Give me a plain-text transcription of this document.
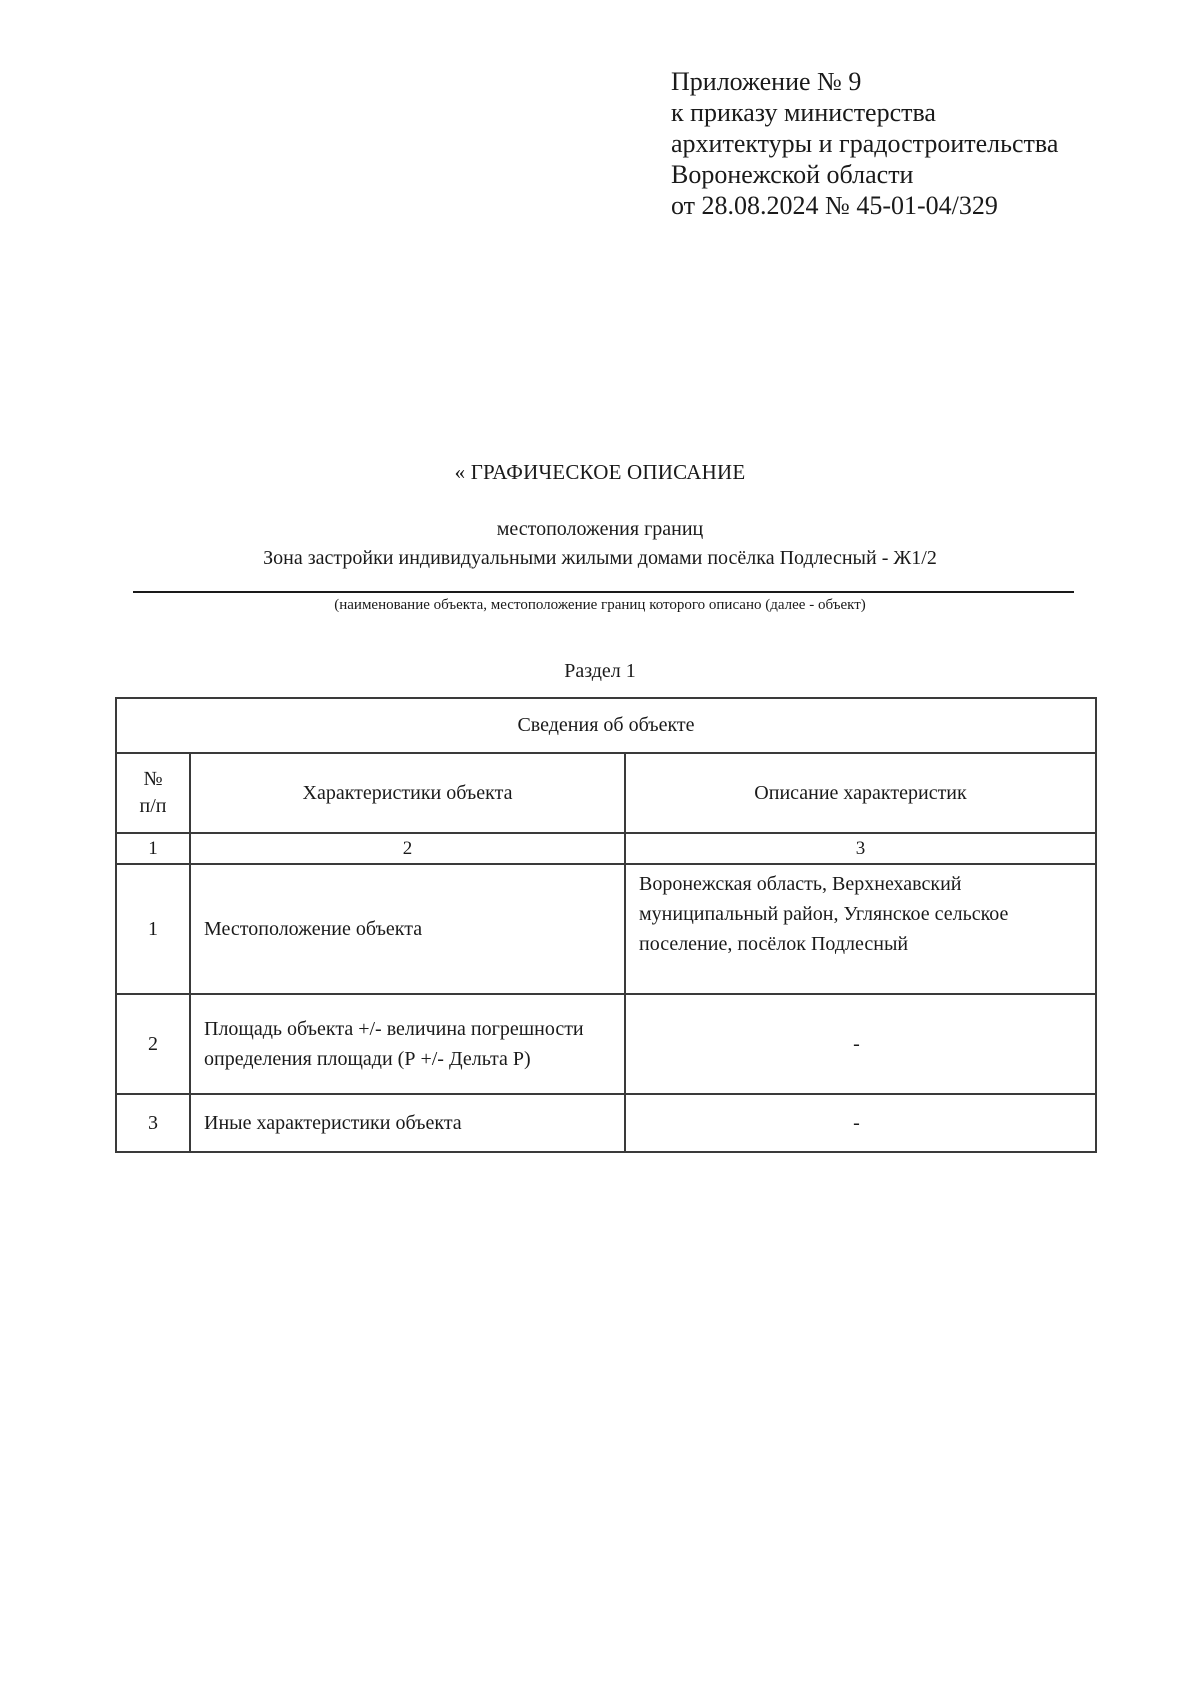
Приложение № 9
к приказу министерства
архитектуры и градостроительства
Воронежской области
от 28.08.2024 № 45-01-04/329
« ГРАФИЧЕСКОЕ ОПИСАНИЕ
местоположения границ
Зона застройки индивидуальными жилыми домами посёлка Подлесный - Ж1/2
(наименование объекта, местоположение границ которого описано (далее - объект)
Раздел 1
Сведения об объекте		

№
п/п	Характеристики объекта	Описание характеристик
1	2	3
1	Местоположение объекта	Воронежская область, Верхнехавский муниципальный район, Углянское сельское поселение, посёлок Подлесный
2	Площадь объекта +/- величина погрешности определения площади (Р +/- Дельта Р)	-
3	Иные характеристики объекта	-
